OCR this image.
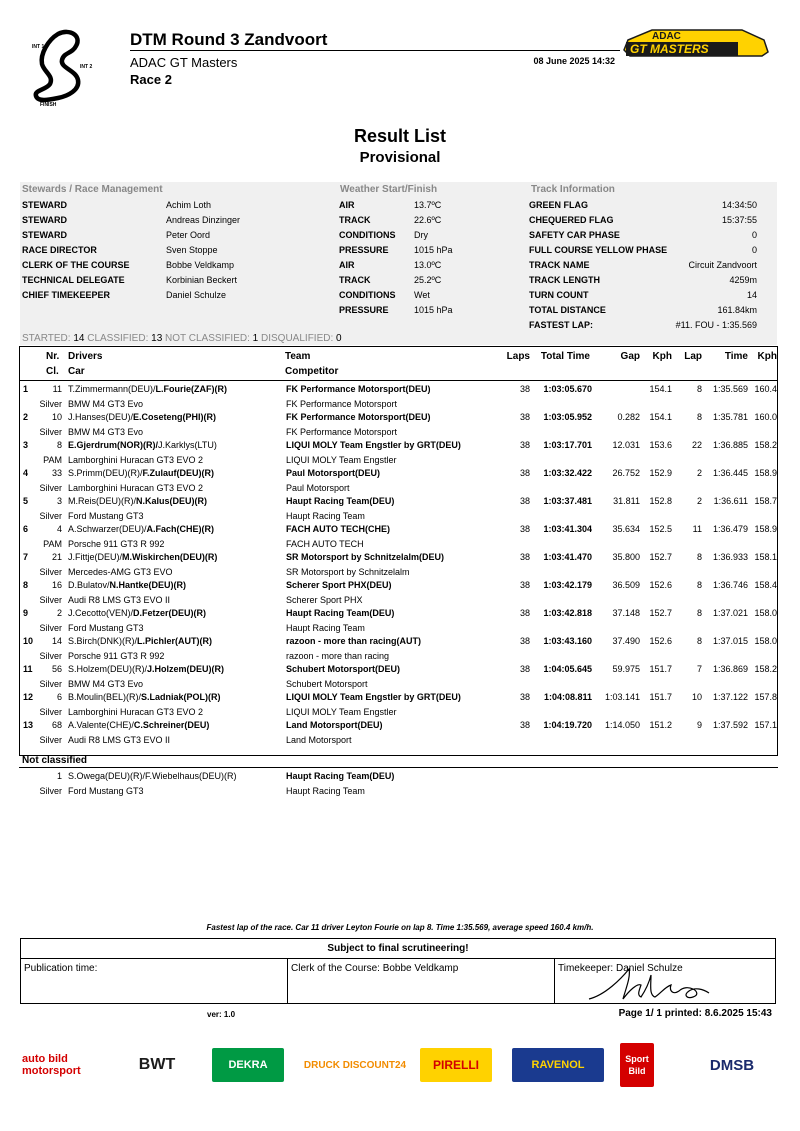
INT 1
INT 2
FINISH
DTM Round 3 Zandvoort
ADAC GT Masters
Race 2
08 June 2025 14:32
ADAC
GT MASTERS
Result List
Provisional
Stewards / Race Management	Weather Start/Finish	Track Information
STEWARD	Achim Loth
STEWARD	Andreas Dinzinger
STEWARD	Peter Oord
RACE DIRECTOR	Sven Stoppe
CLERK OF THE COURSE	Bobbe Veldkamp
TECHNICAL DELEGATE	Korbinian Beckert
CHIEF TIMEKEEPER	Daniel Schulze
AIR	13.7ºC
TRACK	22.6ºC
CONDITIONS Dry
PRESSURE	1015 hPa
AIR	13.0ºC
TRACK	25.2ºC
CONDITIONS Wet
PRESSURE	1015 hPa
GREEN FLAG	14:34:50
CHEQUERED FLAG	15:37:55
SAFETY CAR PHASE	0
FULL COURSE YELLOW PHASE	0
TRACK NAME	Circuit Zandvoort
TRACK LENGTH	4259m
TURN COUNT	14
TOTAL DISTANCE	161.84km
FASTEST LAP:	#11. FOU - 1:35.569
STARTED: 14 CLASSIFIED: 13 NOT CLASSIFIED: 1 DISQUALIFIED: 0
Nr. Drivers	Team	Laps	Total Time	Gap	Kph	Lap	Time Kph
Cl. Car	Competitor
1	11 T.Zimmermann(DEU)/L.Fourie(ZAF)(R)	FK Performance Motorsport(DEU)	38	1:03:05.670	154.1	8	1:35.569 160.4
Silver BMW M4 GT3 Evo	FK Performance Motorsport
2	10 J.Hanses(DEU)/E.Coseteng(PHI)(R)	FK Performance Motorsport(DEU)	38	1:03:05.952	0.282	154.1	8	1:35.781 160.0
Silver BMW M4 GT3 Evo	FK Performance Motorsport
3	8 E.Gjerdrum(NOR)(R)/J.Karklys(LTU)	LIQUI MOLY Team Engstler by GRT(DEU)	38	1:03:17.701	12.031	153.6	22	1:36.885 158.2
PAM Lamborghini Huracan GT3 EVO 2	LIQUI MOLY Team Engstler
4	33 S.Primm(DEU)(R)/F.Zulauf(DEU)(R)	Paul Motorsport(DEU)	38	1:03:32.422	26.752	152.9	2	1:36.445 158.9
Silver Lamborghini Huracan GT3 EVO 2	Paul Motorsport
5	3 M.Reis(DEU)(R)/N.Kalus(DEU)(R)	Haupt Racing Team(DEU)	38	1:03:37.481	31.811	152.8	2	1:36.611 158.7
Silver Ford Mustang GT3	Haupt Racing Team
6	4 A.Schwarzer(DEU)/A.Fach(CHE)(R)	FACH AUTO TECH(CHE)	38	1:03:41.304	35.634	152.5	11	1:36.479 158.9
PAM Porsche 911 GT3 R 992	FACH AUTO TECH
7	21 J.Fittje(DEU)/M.Wiskirchen(DEU)(R)	SR Motorsport by Schnitzelalm(DEU)	38	1:03:41.470	35.800	152.7	8	1:36.933 158.1
Silver Mercedes-AMG GT3 EVO	SR Motorsport by Schnitzelalm
8	16 D.Bulatov/N.Hantke(DEU)(R)	Scherer Sport PHX(DEU)	38	1:03:42.179	36.509	152.6	8	1:36.746 158.4
Silver Audi R8 LMS GT3 EVO II	Scherer Sport PHX
9	2 J.Cecotto(VEN)/D.Fetzer(DEU)(R)	Haupt Racing Team(DEU)	38	1:03:42.818	37.148	152.7	8	1:37.021 158.0
Silver Ford Mustang GT3	Haupt Racing Team
10	14 S.Birch(DNK)(R)/L.Pichler(AUT)(R)	razoon - more than racing(AUT)	38	1:03:43.160	37.490	152.6	8	1:37.015 158.0
Silver Porsche 911 GT3 R 992	razoon - more than racing
11	56 S.Holzem(DEU)(R)/J.Holzem(DEU)(R)	Schubert Motorsport(DEU)	38	1:04:05.645	59.975	151.7	7	1:36.869 158.2
Silver BMW M4 GT3 Evo	Schubert Motorsport
12	6 B.Moulin(BEL)(R)/S.Ladniak(POL)(R)	LIQUI MOLY Team Engstler by GRT(DEU)	38	1:04:08.811	1:03.141	151.7	10	1:37.122 157.8
Silver Lamborghini Huracan GT3 EVO 2	LIQUI MOLY Team Engstler
13	68 A.Valente(CHE)/C.Schreiner(DEU)	Land Motorsport(DEU)	38	1:04:19.720	1:14.050	151.2	9	1:37.592 157.1
Silver Audi R8 LMS GT3 EVO II	Land Motorsport
Not classified
1 S.Owega(DEU)(R)/F.Wiebelhaus(DEU)(R)	Haupt Racing Team(DEU)
Silver Ford Mustang GT3	Haupt Racing Team
Fastest lap of the race. Car 11 driver Leyton Fourie on lap 8. Time 1:35.569, average speed 160.4 km/h.
Subject to final scrutineering!
Publication time:	Clerk of the Course: Bobbe Veldkamp	Timekeeper: Daniel Schulze
ver: 1.0	Page 1/ 1 printed: 8.6.2025 15:43
auto bild motorsport	BWT	DEKRA	DRUCK DISCOUNT24	PIRELLI	RAVENOL	Sport Bild	DMSB
